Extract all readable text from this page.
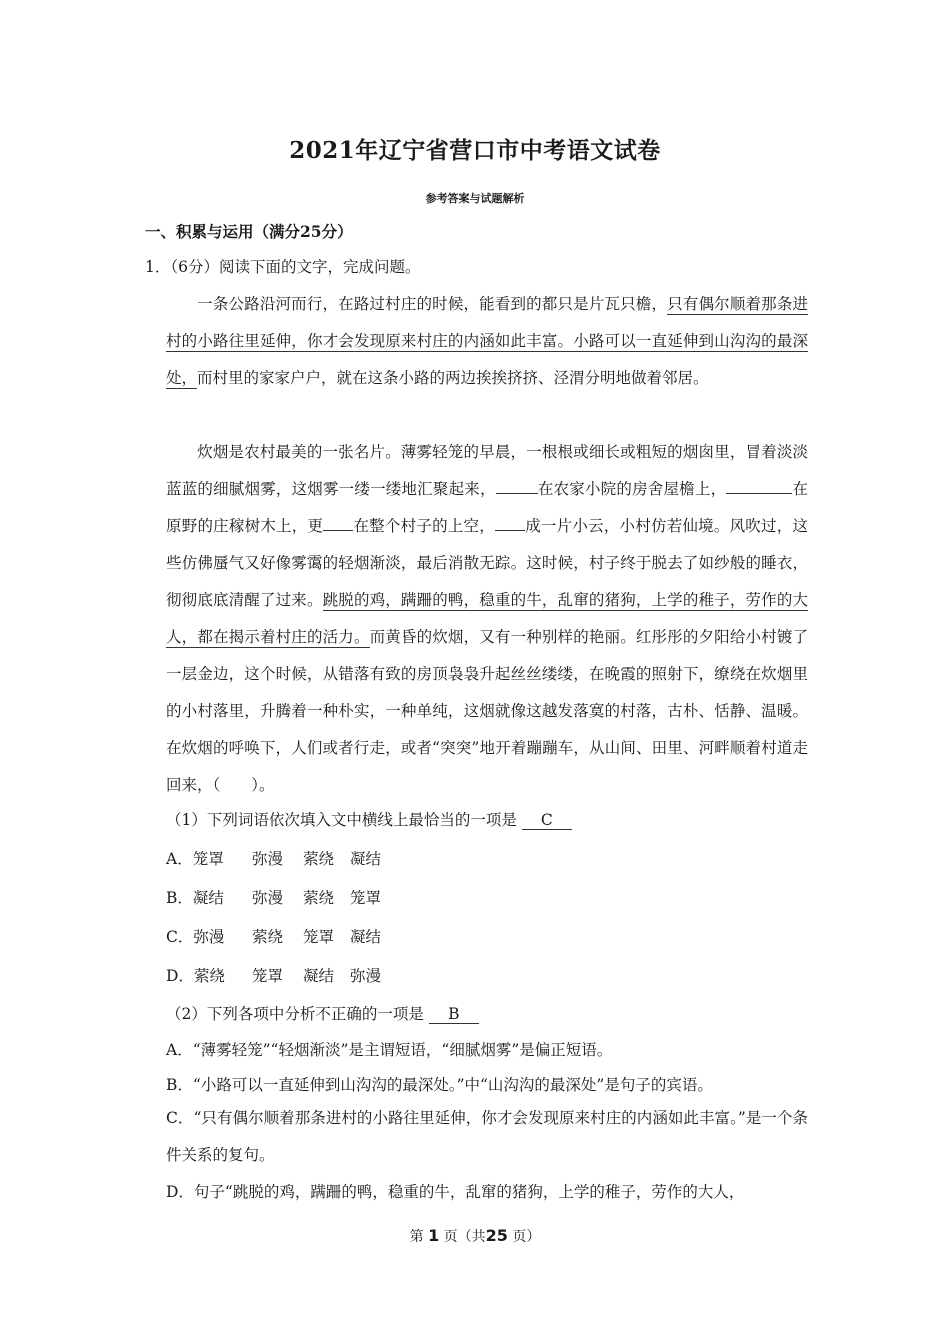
2021年辽宁省营口市中考语文试卷
参考答案与试题解析
一、积累与运用（满分25分）
1．（6分）阅读下面的文字，完成问题。
  一条公路沿河而行，在路过村庄的时候，能看到的都只是片瓦只檐，只有偶尔顺着那条进村的小路往里延伸，你才会发现原来村庄的内涵如此丰富。小路可以一直延伸到山沟沟的最深处，而村里的家家户户，就在这条小路的两边挨挨挤挤、泾渭分明地做着邻居。
  炊烟是农村最美的一张名片。薄雾轻笼的早晨，一根根或细长或粗短的烟囱里，冒着淡淡蓝蓝的细腻烟雾，这烟雾一缕一缕地汇聚起来，	在农家小院的房舍屋檐上，	在原野的庄稼树木上，更 在整个村子的上空， 成一片小云，小村仿若仙境。风吹过，这些仿佛蜃气又好像雾霭的轻烟渐淡，最后消散无踪。这时候，村子终于脱去了如纱般的睡衣，彻彻底底清醒了过来。跳脱的鸡，蹒跚的鸭，稳重的牛，乱窜的猪狗，上学的稚子，劳作的大人，都在揭示着村庄的活力。而黄昏的炊烟，又有一种别样的艳丽。红彤彤的夕阳给小村镀了一层金边，这个时候，从错落有致的房顶袅袅升起丝丝缕缕，在晚霞的照射下，缭绕在炊烟里的小村落里，升腾着一种朴实，一种单纯，这烟就像这越发落寞的村落，古朴、恬静、温暖。在炊烟的呼唤下，人们或者行走，或者“突突”地开着蹦蹦车，从山间、田里、河畔顺着村道走回来，（　　）。
（1）下列词语依次填入文中横线上最恰当的一项是 C
A．笼罩 弥漫 萦绕 凝结
B．凝结 弥漫 萦绕 笼罩
C．弥漫 萦绕 笼罩 凝结
D．萦绕 笼罩 凝结 弥漫
（2）下列各项中分析不正确的一项是 B
A．“薄雾轻笼”“轻烟渐淡”是主谓短语，“细腻烟雾”是偏正短语。
B．“小路可以一直延伸到山沟沟的最深处。”中“山沟沟的最深处”是句子的宾语。
C．“只有偶尔顺着那条进村的小路往里延伸，你才会发现原来村庄的内涵如此丰富。”是一个条件关系的复句。
D．句子“跳脱的鸡，蹒跚的鸭，稳重的牛，乱窜的猪狗，上学的稚子，劳作的大人，
第 1 页（共25 页）
